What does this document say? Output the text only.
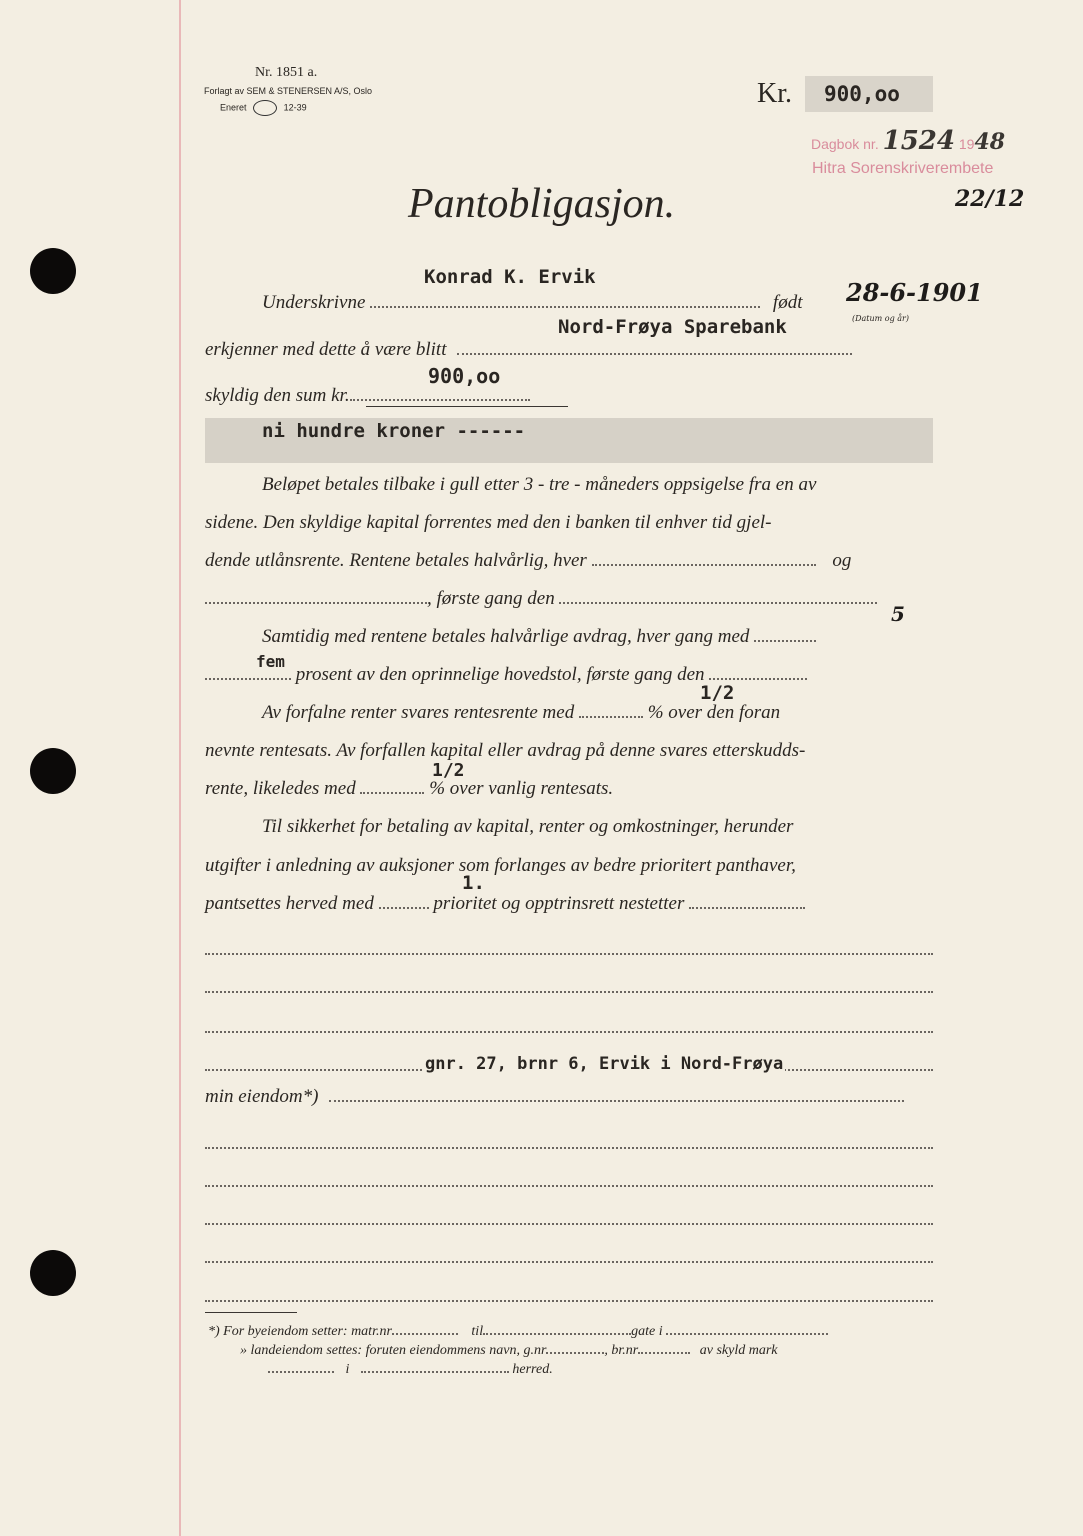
Nr. 1851 a.
Forlagt av SEM & STENERSEN A/S, Oslo
Eneret	12-39	Kr. 900,oo
Dagbok nr. 1524 1948
Hitra Sorenskriverembete
22/12
Pantobligasjon.
Konrad K. Ervik
Underskrivne	født 28-6-1901
(Datum og år)
Nord-Frøya Sparebank
erkjenner med dette å være blitt
900,oo
skyldig den sum kr.
ni hundre kroner ------
Beløpet betales tilbake i gull etter 3 - tre - måneders oppsigelse fra en av
sidene. Den skyldige kapital forrentes med den i banken til enhver tid gjel-
dende utlånsrente. Rentene betales halvårlig, hver	og
, første gang den
5
Samtidig med rentene betales halvårlige avdrag, hver gang med
fem
prosent av den oprinnelige hovedstol, første gang den
1/2
Av forfalne renter svares rentesrente med	% over den foran
nevnte rentesats. Av forfallen kapital eller avdrag på denne svares etterskudds-
1/2
rente, likeledes med	% over vanlig rentesats.
Til sikkerhet for betaling av kapital, renter og omkostninger, herunder
utgifter i anledning av auksjoner som forlanges av bedre prioritert panthaver,
1.
pantsettes herved med	prioritet og opptrinsrett nestetter
gnr. 27, brnr 6, Ervik i Nord-Frøya
min eiendom*)
*) For byeiendom setter: matr.nr	til	gate i
» landeiendom settes: foruten eiendommens navn, g.nr	, br.nr	av skyld mark
i	herred.
